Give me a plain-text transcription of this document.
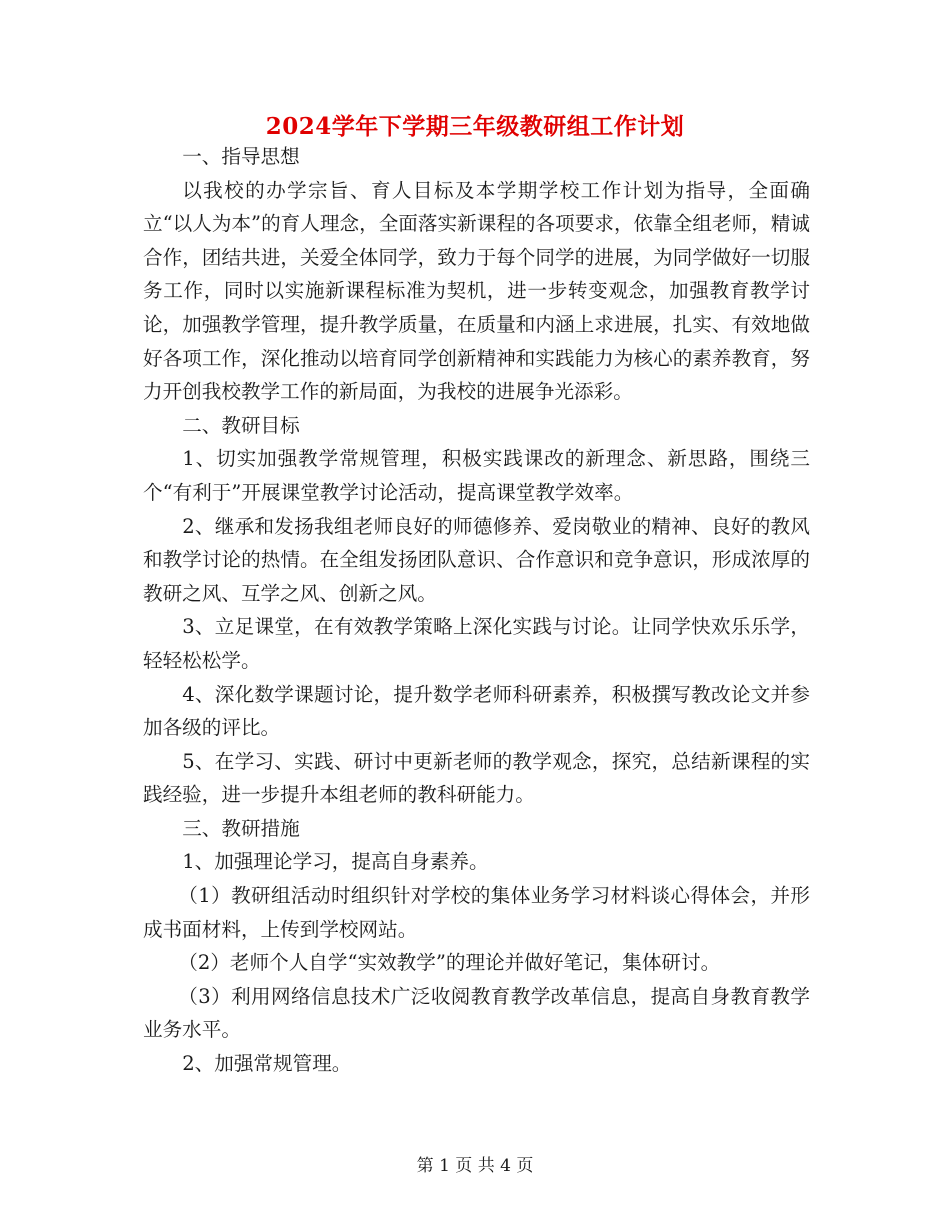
2024学年下学期三年级教研组工作计划

一、指导思想

以我校的办学宗旨、育人目标及本学期学校工作计划为指导，全面确立“以人为本”的育人理念，全面落实新课程的各项要求，依靠全组老师，精诚合作，团结共进，关爱全体同学，致力于每个同学的进展，为同学做好一切服务工作，同时以实施新课程标准为契机，进一步转变观念，加强教育教学讨论，加强教学管理，提升教学质量，在质量和内涵上求进展，扎实、有效地做好各项工作，深化推动以培育同学创新精神和实践能力为核心的素养教育，努力开创我校教学工作的新局面，为我校的进展争光添彩。

二、教研目标

1、切实加强教学常规管理，积极实践课改的新理念、新思路，围绕三个“有利于”开展课堂教学讨论活动，提高课堂教学效率。

2、继承和发扬我组老师良好的师德修养、爱岗敬业的精神、良好的教风和教学讨论的热情。在全组发扬团队意识、合作意识和竞争意识，形成浓厚的教研之风、互学之风、创新之风。

3、立足课堂，在有效教学策略上深化实践与讨论。让同学快欢乐乐学，轻轻松松学。

4、深化数学课题讨论，提升数学老师科研素养，积极撰写教改论文并参加各级的评比。

5、在学习、实践、研讨中更新老师的教学观念，探究，总结新课程的实践经验，进一步提升本组老师的教科研能力。

三、教研措施

1、加强理论学习，提高自身素养。

（1）教研组活动时组织针对学校的集体业务学习材料谈心得体会，并形成书面材料，上传到学校网站。

（2）老师个人自学“实效教学”的理论并做好笔记，集体研讨。

（3）利用网络信息技术广泛收阅教育教学改革信息，提高自身教育教学业务水平。

2、加强常规管理。

第 1 页 共 4 页
